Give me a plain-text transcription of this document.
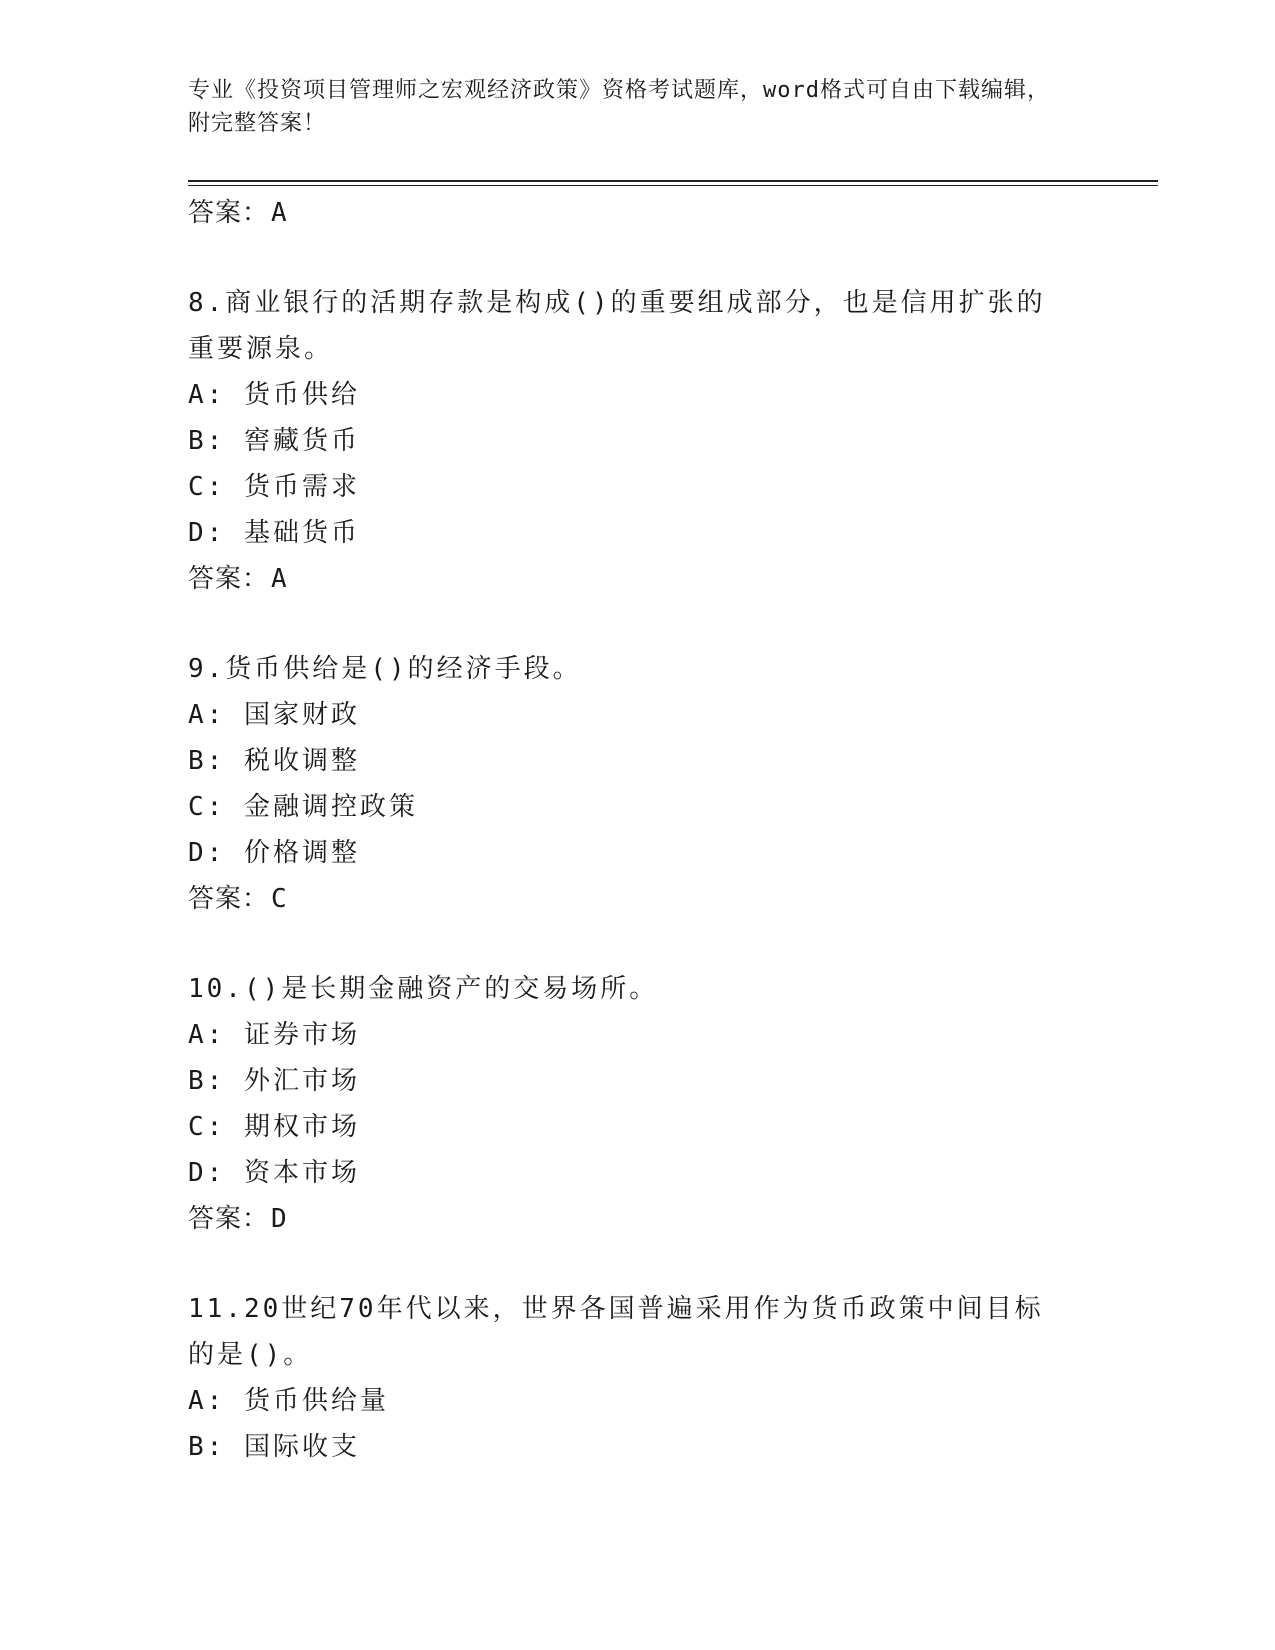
专业《投资项目管理师之宏观经济政策》资格考试题库，word格式可自由下载编辑，附完整答案！
答案：A
8.商业银行的活期存款是构成()的重要组成部分，也是信用扩张的重要源泉。
A: 货币供给
B: 窖藏货币
C: 货币需求
D: 基础货币
答案：A
9.货币供给是()的经济手段。
A: 国家财政
B: 税收调整
C: 金融调控政策
D: 价格调整
答案：C
10.()是长期金融资产的交易场所。
A: 证券市场
B: 外汇市场
C: 期权市场
D: 资本市场
答案：D
11.20世纪70年代以来，世界各国普遍采用作为货币政策中间目标的是()。
A: 货币供给量
B: 国际收支
